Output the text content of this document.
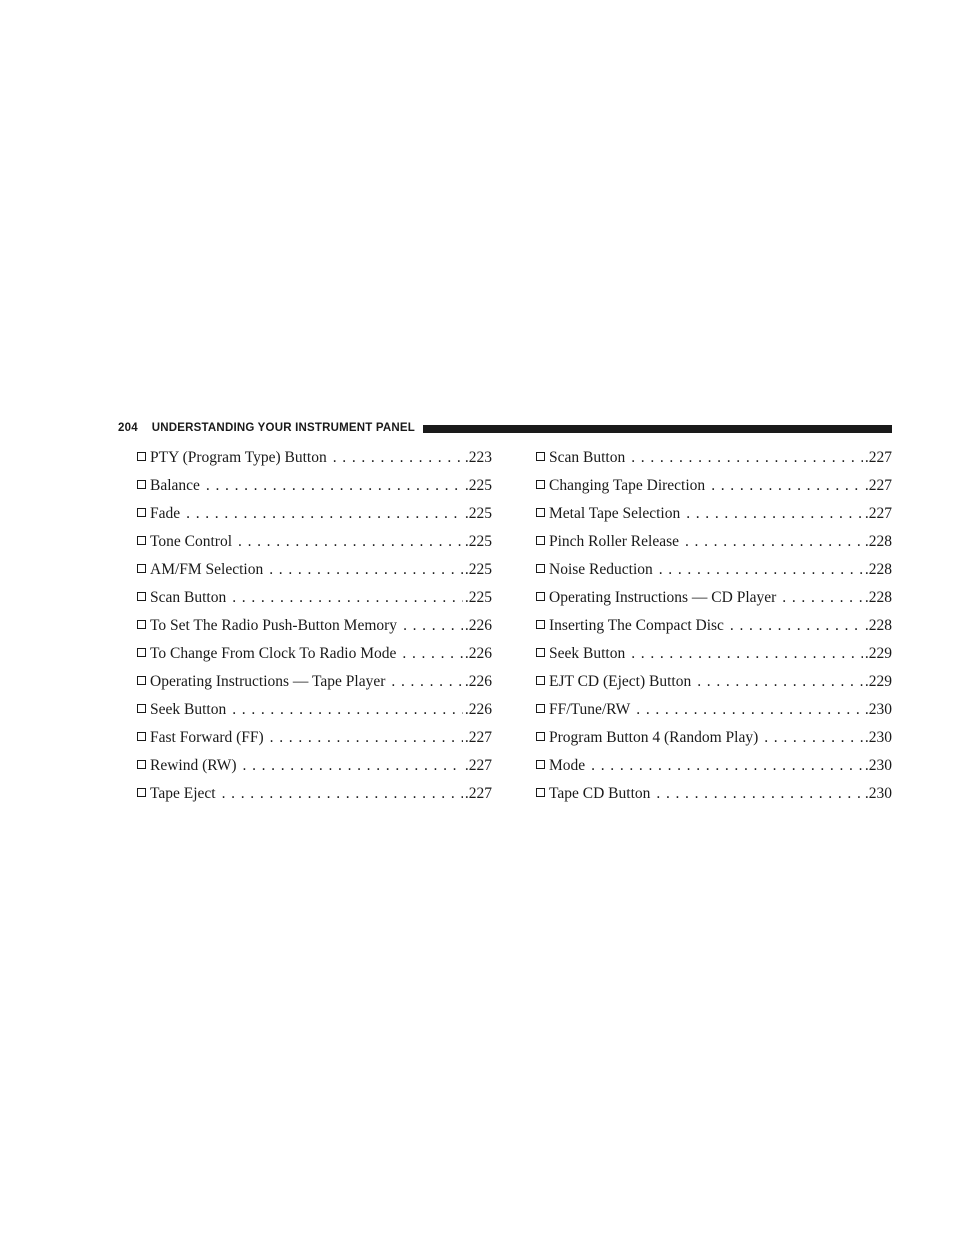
204 UNDERSTANDING YOUR INSTRUMENT PANEL
PTY (Program Type) Button . . .	.223
Balance . . .	.225
Fade . . .	.225
Tone Control . . .	.225
AM/FM Selection . . .	.225
Scan Button . . .	.225
To Set The Radio Push-Button Memory . . .	.226
To Change From Clock To Radio Mode . . .	.226
Operating Instructions — Tape Player . . .	.226
Seek Button . . .	.226
Fast Forward (FF) . . .	.227
Rewind (RW) . . .	.227
Tape Eject . . .	.227
Scan Button . . .	.227
Changing Tape Direction . . .	.227
Metal Tape Selection . . .	.227
Pinch Roller Release . . .	.228
Noise Reduction . . .	.228
Operating Instructions — CD Player . . .	.228
Inserting The Compact Disc . . .	.228
Seek Button . . .	.229
EJT CD (Eject) Button . . .	.229
FF/Tune/RW . . .	.230
Program Button 4 (Random Play) . . .	.230
Mode . . .	.230
Tape CD Button . . .	.230
